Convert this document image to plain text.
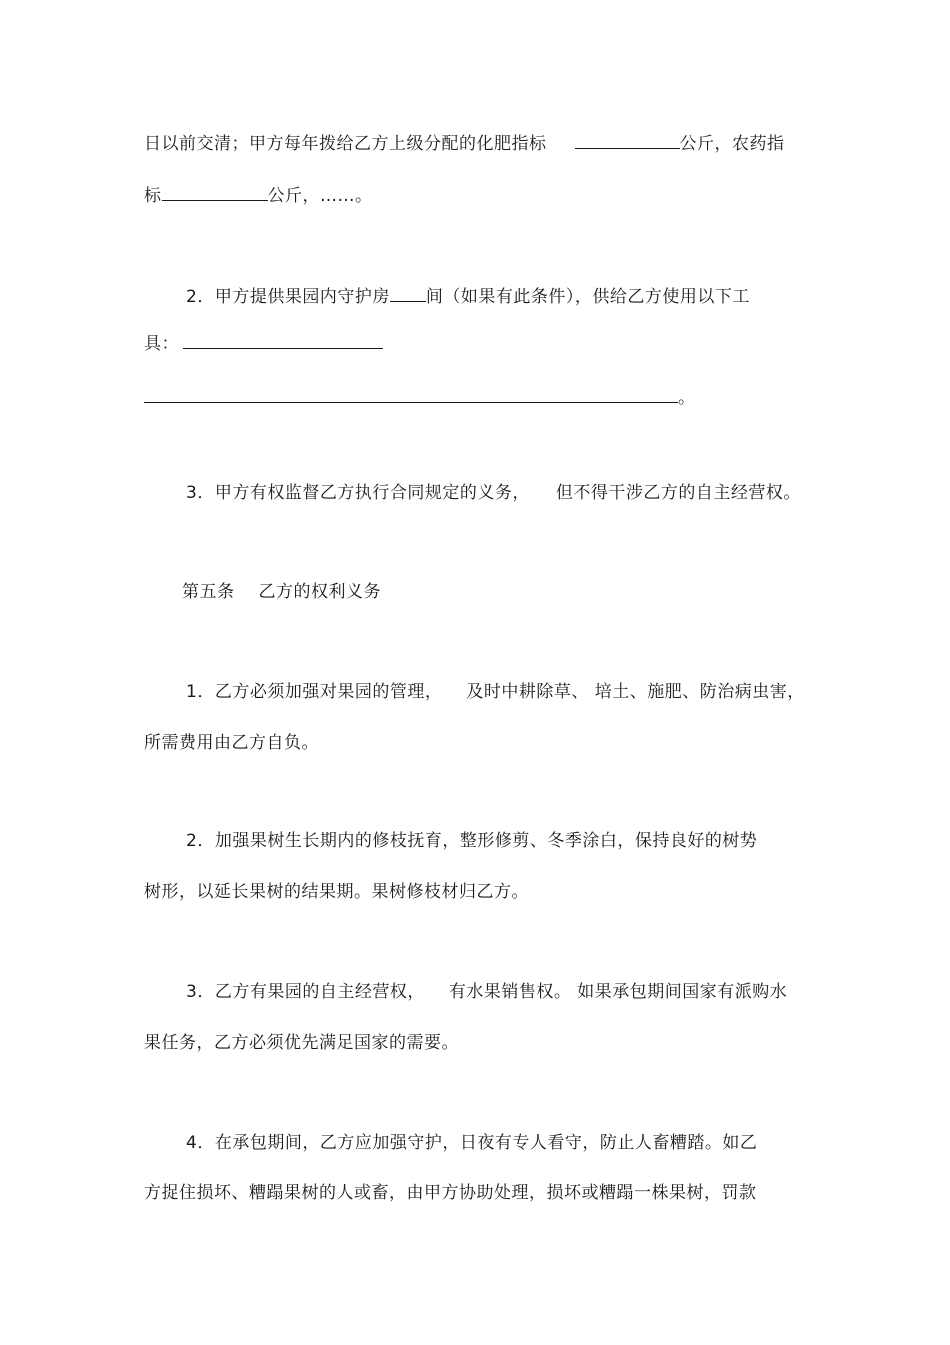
日以前交清；甲方每年拨给乙方上级分配的化肥指标	公斤，农药指
标	公斤，……。
2．甲方提供果园内守护房 间（如果有此条件），供给乙方使用以下工
具：
。
3．甲方有权监督乙方执行合同规定的义务， 但不得干涉乙方的自主经营权。
第五条 乙方的权利义务
1．乙方必须加强对果园的管理， 及时中耕除草、 培土、施肥、防治病虫害，
所需费用由乙方自负。
2．加强果树生长期内的修枝抚育，整形修剪、冬季涂白，保持良好的树势
树形，以延长果树的结果期。果树修枝材归乙方。
3．乙方有果园的自主经营权， 有水果销售权。 如果承包期间国家有派购水
果任务，乙方必须优先满足国家的需要。
4．在承包期间，乙方应加强守护，日夜有专人看守，防止人畜糟踏。如乙
方捉住损坏、糟蹋果树的人或畜，由甲方协助处理，损坏或糟蹋一株果树，罚款
